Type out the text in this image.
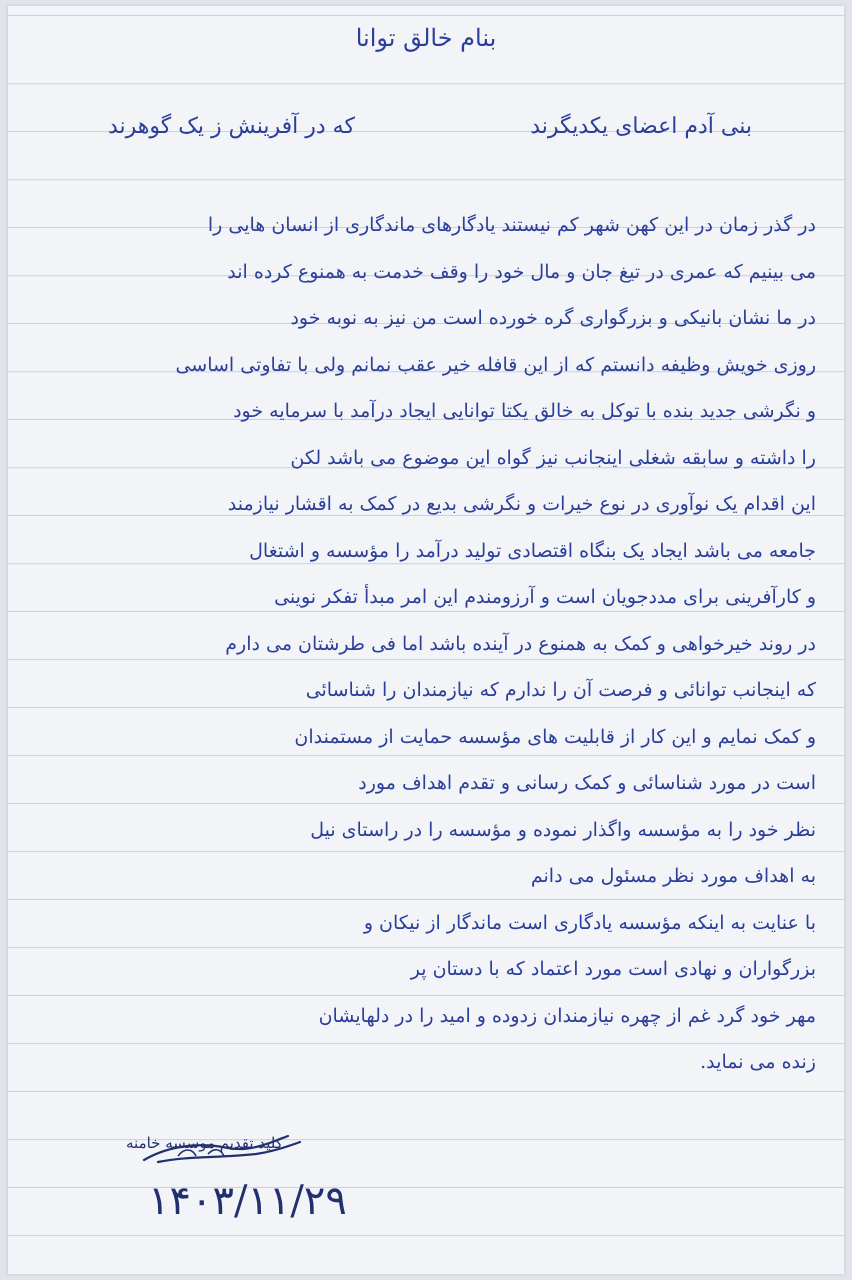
بنام خالق توانا
بنی آدم اعضای یکدیگرند
که در آفرینش ز یک گوهرند
در گذر زمان در این کهن شهر کم نیستند یادگارهای ماندگاری از انسان هایی را
می بینیم که عمری در تیغ جان و مال خود را وقف خدمت به همنوع کرده اند
در ما نشان بانیکی و بزرگواری گره خورده است من نیز به نوبه خود
روزی خویش وظیفه دانستم که از این قافله خیر عقب نمانم ولی با تفاوتی اساسی
و نگرشی جدید بنده با توکل به خالق یکتا توانایی ایجاد درآمد با سرمایه خود
را داشته و سابقه شغلی اینجانب نیز گواه این موضوع می باشد لکن
این اقدام یک نوآوری در نوع خیرات و نگرشی بدیع در کمک به اقشار نیازمند
جامعه می باشد ایجاد یک بنگاه اقتصادی تولید درآمد را مؤسسه و اشتغال
و کارآفرینی برای مددجویان است و آرزومندم این امر مبدأ تفکر نوینی
در روند خیرخواهی و کمک به همنوع در آینده باشد اما فی طرشتان می دارم
که اینجانب توانائی و فرصت آن را ندارم که نیازمندان را شناسائی
و کمک نمایم و این کار از قابلیت های مؤسسه حمایت از مستمندان
است در مورد شناسائی و کمک رسانی و تقدم اهداف مورد
نظر خود را به مؤسسه واگذار نموده و مؤسسه را در راستای نیل
به اهداف مورد نظر مسئول می دانم
با عنایت به اینکه مؤسسه یادگاری است ماندگار از نیکان و
بزرگواران و نهادی است مورد اعتماد که با دستان پر
مهر خود گرد غم از چهره نیازمندان زدوده و امید را در دلهایشان
زنده می نماید.
کلید تقدیم موسسه خامنه
۱۴۰۳/۱۱/۲۹
